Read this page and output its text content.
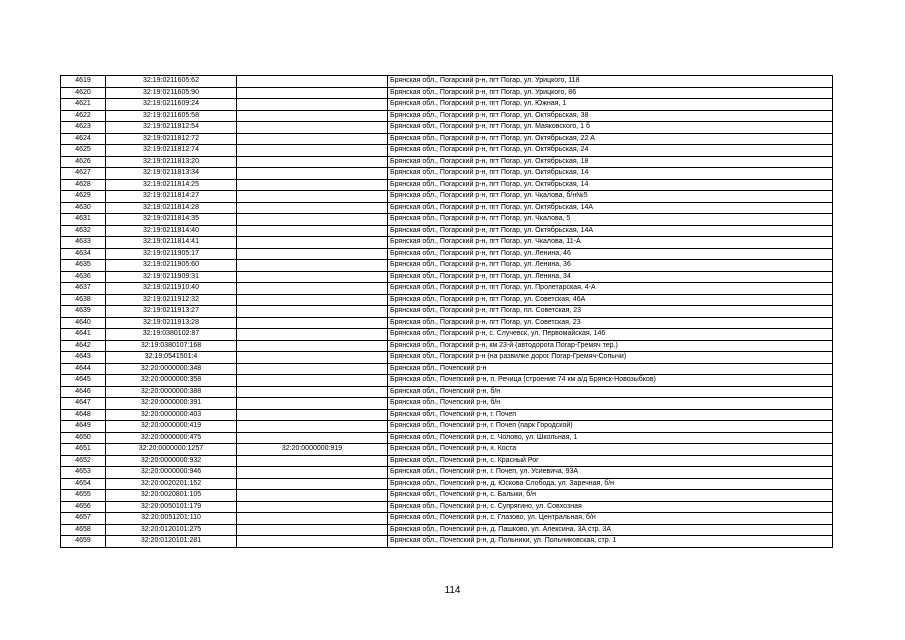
4619	32:19:0211605:62		Брянская обл., Погарский р-н, пгт Погар, ул. Урицкого, 118
4620	32:19:0211605:90		Брянская обл., Погарский р-н, пгт Погар, ул. Урицкого, 86
4621	32:19:0211609:24		Брянская обл., Погарский р-н, пгт Погар, ул. Южная, 1
4622	32:19:0211605:58		Брянская обл., Погарский р-н, пгт Погар, ул. Октябрьская, 38
4623	32:19:0211812:54		Брянская обл., Погарский р-н, пгт Погар, ул. Маяковского, 1 б
4624	32:19:0211812:72		Брянская обл., Погарский р-н, пгт Погар, ул. Октябрьская, 22 А
4625	32:19:0211812:74		Брянская обл., Погарский р-н, пгт Погар, ул. Октябрьская, 24
4626	32:19:0211813:20		Брянская обл., Погарский р-н, пгт Погар, ул. Октябрьская, 18
4627	32:19:0211813:34		Брянская обл., Погарский р-н, пгт Погар, ул. Октябрьская, 14
4628	32:19:0211814:25		Брянская обл., Погарский р-н, пгт Погар, ул. Октябрьская, 14
4629	32:19:0211814:27		Брянская обл., Погарский р-н, пгт Погар, ул. Чкалова, б/н№5
4630	32:19:0211814:28		Брянская обл., Погарский р-н, пгт Погар, ул. Октябрьская, 14А
4631	32:19:0211814:35		Брянская обл., Погарский р-н, пгт Погар, ул. Чкалова, 5
4632	32:19:0211814:40		Брянская обл., Погарский р-н, пгт Погар, ул. Октябрьская, 14А
4633	32:19:0211814:41		Брянская обл., Погарский р-н, пгт Погар, ул. Чкалова, 11-А
4634	32:19:0211905:17		Брянская обл., Погарский р-н, пгт Погар, ул. Ленина, 46
4635	32:19:0211905:60		Брянская обл., Погарский р-н, пгт Погар, ул. Ленина, 36
4636	32:19:0211909:31		Брянская обл., Погарский р-н, пгт Погар, ул. Ленина, 34
4637	32:19:0211910:40		Брянская обл., Погарский р-н, пгт Погар, ул. Пролетарская, 4-А
4638	32:19:0211912:32		Брянская обл., Погарский р-н, пгт Погар, ул. Советская, 46А
4639	32:19:0211913:27		Брянская обл., Погарский р-н, пгт Погар, пл. Советская, 23
4640	32:19:0211913:28		Брянская обл., Погарский р-н, пгт Погар, ул. Советская, 23
4641	32:19:0380102:87		Брянская обл., Погарский р-н, с. Случевск, ул. Первомайская, 146
4642	32:19:0380107:168		Брянская обл., Погарский р-н, км 23-й (автодорога Погар-Гремяч тер.)
4643	32:19:0541501:4		Брянская обл., Погарский р-н (на развилке дорог Погар-Гремяч-Сопычи)
4644	32:20:0000000:348		Брянская обл., Почепский р-н
4645	32:20:0000000:358		Брянская обл., Почепский р-н, п. Речица (строение 74 км а/д Брянск-Новозыбков)
4646	32:20:0000000:388		Брянская обл., Почепский р-н, б/н
4647	32:20:0000000:391		Брянская обл., Почепский р-н, б/н
4648	32:20:0000000:403		Брянская обл., Почепский р-н, г. Почеп
4649	32:20:0000000:419		Брянская обл., Почепский р-н, г. Почеп (парк Городской)
4650	32:20:0000000:475		Брянская обл., Почепский р-н, с. Чолово, ул. Школьная, 1
4651	32:20:0000000:1257	32:20:0000000:919	Брянская обл., Почепский р-н, х. Коста
4652	32:20:0000000:932		Брянская обл., Почепский р-н, с. Красный Рог
4653	32:20:0000000:946		Брянская обл., Почепский р-н, г. Почеп, ул. Усиевича, 93А
4654	32:20:0020201:152		Брянская обл., Почепский р-н, д. Юскова Слобода, ул. Заречная, б/н
4655	32:20:0020801:105		Брянская обл., Почепский р-н, с. Балыки, б/н
4656	32:20:0050101:179		Брянская обл., Почепский р-н, с. Супрягино, ул. Совхозная
4657	32:20:0051201:110		Брянская обл., Почепский р-н, с. Глазово, ул. Центральная, б/н
4658	32:20:0120101:275		Брянская обл., Почепский р-н, д. Пашково, ул. Алексина, 3А стр. 3А
4659	32:20:0120101:281		Брянская обл., Почепский р-н, д. Польники, ул. Польниковская, стр. 1
114
